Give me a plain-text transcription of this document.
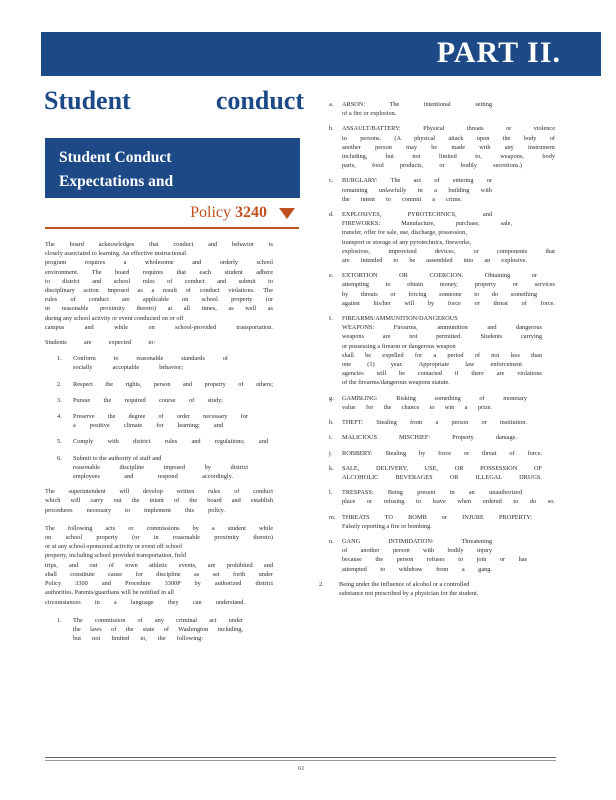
PART II.
Student	conduct
Student Conduct Expectations and Sanctions	Policy 3240

The board acknowledges that conduct and behavior is

closely associated to learning. An effective instructional

program requires a wholesome and orderly school

environment. The board requires that each student adhere

to district and school rules of conduct and submit to

disciplinary action imposed as a result of conduct violations. The

rules of conduct are applicable on school property (or

in reasonable proximity thereto) at all times, as well as

during any school activity or event conducted on or off

campus and while on school-provided transportation.

Students are expected to:

1.	Conform to reasonable standards of

socially acceptable behavior;

2.	Respect the rights, person and property of others;

3.	Pursue the required course of study;

4.	Preserve the degree of order necessary for

a positive climate for learning; and

5.	Comply with district rules and regulations; and

6.	Submit to the authority of staff and

reasonable discipline imposed by district

employees and respond accordingly.

The superintendent will develop written rules of conduct

which will carry out the intent of the board and establish

procedures necessary to implement this policy.

The following acts or commissions by a student while

on school property (or in reasonable proximity thereto)

or at any school-sponsored activity or event off school

property, including school provided transportation, field

trips, and out of town athletic events, are prohibited and

shall constitute cause for discipline as set forth under

Policy 3300 and Procedure 3300P by authorized district

authorities. Parents/guardians will be notified in all

circumstances in a language they can understand.

1.	The commission of any criminal act under

the laws of the state of Washington including,

but not limited to, the following:

a.	ARSON: The intentional setting

of a fire or explosion.

b.	ASSAULT/BATTERY: Physical threats or violence

to persons. (A physical attack upon the body of

another person may be made with any instrument

including, but not limited to, weapons, body

parts, food products, or bodily secretions.)

c.	BURGLARY: The act of entering or

remaining unlawfully in a building with

the intent to commit a crime.

d.	EXPLOSIVES, PYROTECHNICS, and

FIREWORKS: Manufacture, purchase, sale,

transfer, offer for sale, use, discharge, possession,

transport or storage of any pyrotechnics, fireworks,

explosives, improvised devices, or components that

are intended to be assembled into an explosive.

e.	EXTORTION OR COERCION: Obtaining or

attempting to obtain money, property or services

by threats or forcing someone to do something

against his/her will by force or threat of force.

f.	FIREARMS/AMMUNITION/DANGEROUS

WEAPONS: Firearms, ammunition and dangerous

weapons are not permitted. Students carrying

or possessing a firearm or dangerous weapon

shall be expelled for a period of not less than

one (1) year. Appropriate law enforcement

agencies will be contacted if there are violations

of the firearms/dangerous weapons statute.

g.	GAMBLING: Risking something of monetary

value for the chance to win a prize.

h.	THEFT: Stealing from a person or institution.

i.	MALICIOUS MISCHIEF: Property damage.

j.	ROBBERY: Stealing by force or threat of force.

k.	SALE, DELIVERY, USE, OR POSSESSION OF

ALCOHOLIC BEVERAGES OR ILLEGAL DRUGS.

l.	TRESPASS: Being present in an unauthorized

place or refusing to leave when ordered to do so.

m.	THREATS TO BOMB or INJURE PROPERTY:

Falsely reporting a fire or bombing.

n.	GANG INTIMIDATION: Threatening

of another person with bodily injury

because the person refuses to join or has

attempted to withdraw from a gang.

2.	Being under the influence of alcohol or a controlled

substance not prescribed by a physician for the student.

61
